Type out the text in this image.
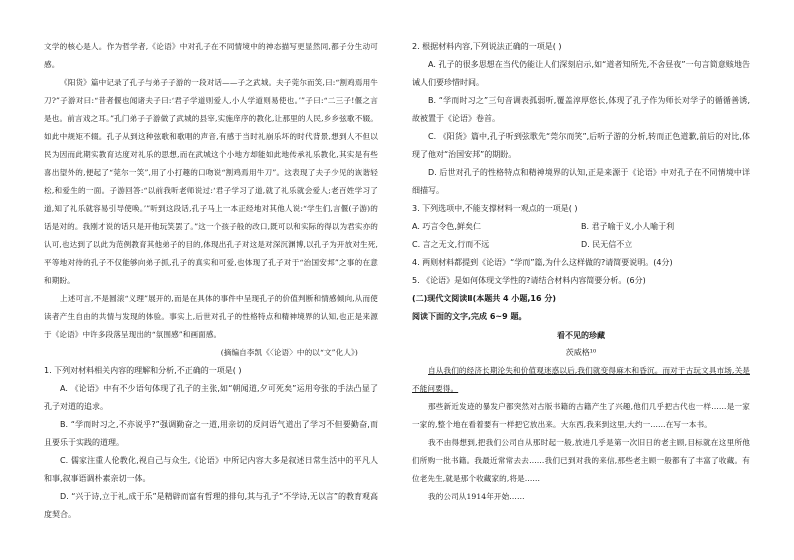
文学的核心是人。作为哲学者,《论语》中对孔子在不同情境中的神态描写更显然同,都子分生动可感。

《阳货》篇中记录了孔子与弟子子游的一段对话——子之武城。夫子莞尔而笑,曰:“割鸡焉用牛刀?”子游对曰:“昔者偃也闻诸夫子曰:‘君子学道则爱人,小人学道则易使也。’”子曰:“二三子!偃之言是也。前言戏之耳。”孔门弟子子游做了武城的县宰,实施庠序的教化,让那里的人民,乡乡弦歌不辍。如此中规矩不辍。孔子从到这种弦歌和歌唱的声音,有感于当时礼崩乐坏的时代背景,想到人不但以民为因而此期实教育达度对礼乐的思想,而在武城这个小地方却能如此地传承礼乐教化,其实是有些喜出望外的,便起了“莞尔一笑”,用了小打趣的口吻说“割鸡焉用牛刀”。这表现了夫子少见的诙谐轻松,和爱生的一面。子游回答:“以前我听老师说过:‘君子学习了道,就了礼乐就会爱人;老百姓学习了道,知了礼乐就容易引导使唤。’”听到这段话,孔子马上一本正经地对其他人说:“学生们,言偃(子游)的话是对的。我刚才说的话只是开他玩笑罢了。”这一个孩子般的改口,既可以和实际的得以为君实亦的认可,也达到了以此为范例教育其他弟子的目的,体现出孔子对这是对深沉渊博,以孔子为开放对生死,平等地对待的孔子不仅能够向弟子抓,孔子的真实和可爱,也体现了孔子对于“治国安邦”之事的在意和期盼。

上述可言,不是圆滚“义理”展开的,而是在具体的事件中呈现孔子的价值判断和情感倾向,从而使读者产生自由的共情与发现的体验。事实上,后世对孔子的性格特点和精神境界的认知,也正是来源于《论语》中许多段落呈现出的“氛围感”和画面感。

(摘编自李凯《〈论语〉中的以“文”化人》)

1. 下列对材料相关内容的理解和分析,不正确的一项是( )

A. 《论语》中有不少语句体现了孔子的主张,如“朝闻道,夕可死矣”运用夸张的手法凸显了孔子对道的追求。

B. “学而时习之,不亦说乎?”强调勤奋之一道,用亲切的反问语气道出了学习不但要勤奋,而且要乐于实践的道理。

C. 儒家注重人伦教化,视自己与众生,《论语》中所记内容大多是叙述日常生活中的平凡人和事,叙事语调朴素亲切一体。

D. “兴于诗,立于礼,成于乐”是精辟而富有哲理的排句,其与孔子“不学诗,无以言”的教育观高度契合。

2. 根据材料内容,下列说法正确的一项是( )

A. 孔子的很多思想在当代仍能让人们深刻启示,如“道者知所先,不舍昼夜”一句言简意赅地告诫人们要珍惜时间。

B. “学而时习之”三句音调表孤弱听,覆盖淳厚悠长,体现了孔子作为师长对学子的循循善诱,故被置于《论语》卷首。

C. 《阳货》篇中,孔子听到弦歌先“莞尔而笑”,后听子游的分析,转而正色道歉,前后的对比,体现了他对“治国安邦”的期盼。

D. 后世对孔子的性格特点和精神境界的认知,正是来源于《论语》中对孔子在不同情境中详细描写。

3. 下列选项中,不能支撑材料一观点的一项是( )

A. 巧言令色,鲜矣仁	B. 君子喻于义,小人喻于利
C. 言之无文,行而不远	D. 民无信不立

4. 两则材料都提到《论语》“学而”篇,为什么这样做的?请简要说明。(4分)

5. 《论语》是如何体现文学性的?请结合材料内容简要分析。(6分)

(二)现代文阅读Ⅱ(本题共 4 小题,16 分)

阅读下面的文字,完成 6~9 题。

看不见的珍藏

茨威格¹⁰

自从我们的经济长期沦失和价值观迷惑以后,我们就变得麻木和昏沉。而对于古玩文具市场,关是不能问要得。

那些新近发迹的暴发户都突然对古版书籍的古籍产生了兴趣,他们几乎把古代也一样……是一家一家的,整个地在看着要有一样把它放出来。大东西,我来到这里,大约一……在写一本书。

我不由得想到,把我们公司自从那时起一般,放进几乎是第一次旧日的老主顾,目标就在这里所他们所购一批书籍。我最近常常去去……我们已到对我的来信,那些老主顾一般都有了丰富了收藏。有位老先生,就是那个收藏家的,将是……

我的公司从1914年开始……
